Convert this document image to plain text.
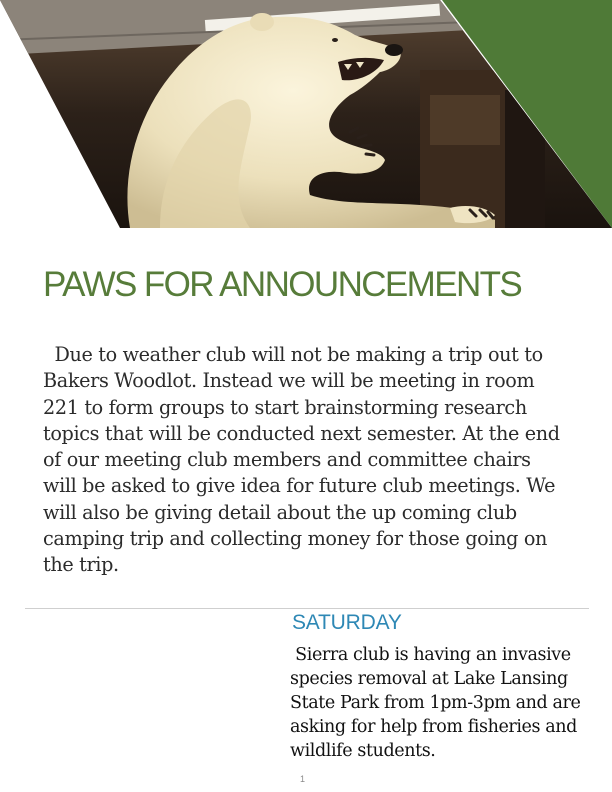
PAWS FOR ANNOUNCEMENTS

Due to weather club will not be making a trip out to Bakers Woodlot. Instead we will be meeting in room 221 to form groups to start brainstorming research topics that will be conducted next semester. At the end of our meeting club members and committee chairs will be asked to give idea for future club meetings. We will also be giving detail about the up coming club camping trip and collecting money for those going on the trip.

SATURDAY

Sierra club is having an invasive species removal at Lake Lansing State Park from 1pm-3pm and are asking for help from fisheries and wildlife students.

1
